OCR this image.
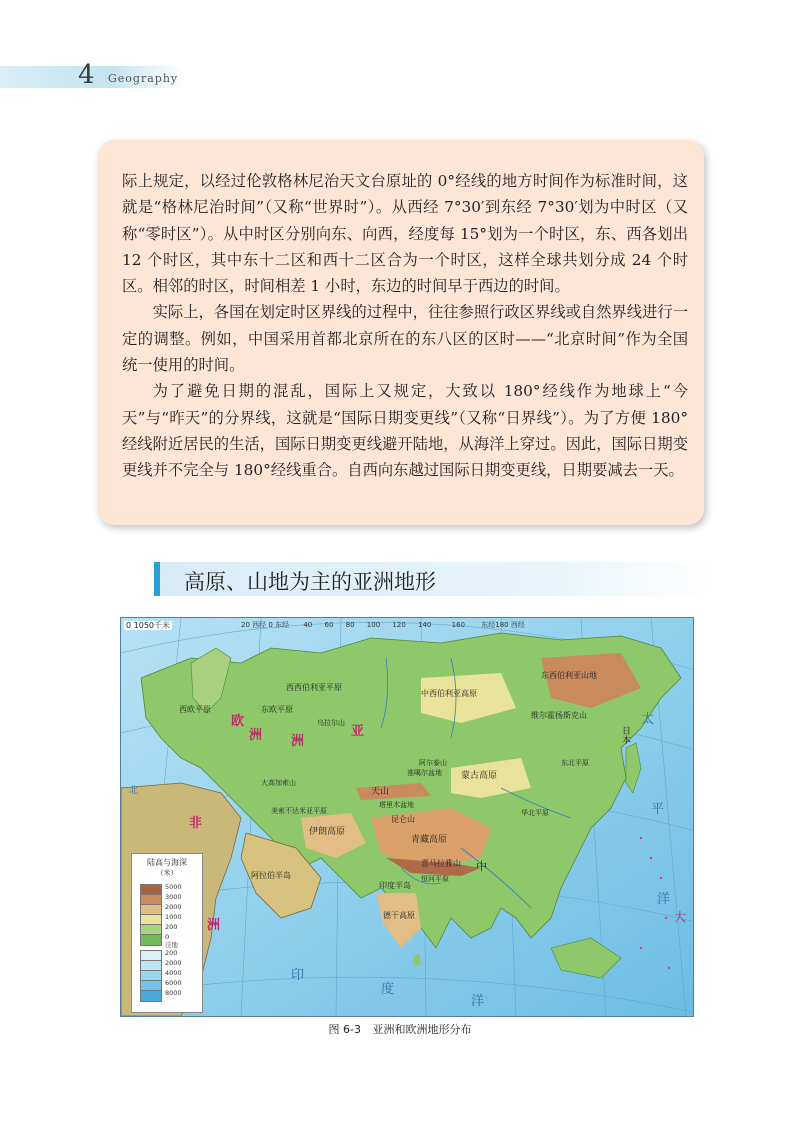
4 Geography

际上规定，以经过伦敦格林尼治天文台原址的 0°经线的地方时间作为标准时间，这就是“格林尼治时间”（又称“世界时”）。从西经 7°30′到东经 7°30′划为中时区（又称“零时区”）。从中时区分别向东、向西，经度每 15°划为一个时区，东、西各划出 12 个时区，其中东十二区和西十二区合为一个时区，这样全球共划分成 24 个时区。相邻的时区，时间相差 1 小时，东边的时间早于西边的时间。

实际上，各国在划定时区界线的过程中，往往参照行政区界线或自然界线进行一定的调整。例如，中国采用首都北京所在的东八区的区时——“北京时间”作为全国统一使用的时间。

为了避免日期的混乱，国际上又规定，大致以 180°经线作为地球上“今天”与“昨天”的分界线，这就是“国际日期变更线”（又称“日界线”）。为了方便 180°经线附近居民的生活，国际日期变更线避开陆地，从海洋上穿过。因此，国际日期变更线并不完全与 180°经线重合。自西向东越过国际日期变更线，日期要减去一天。

高原、山地为主的亚洲地形
亚
洲
欧
洲
非
洲
太
平
洋
印
度
洋
大
日本
北
中
西西伯利亚平原
中西伯利亚高原
东西伯利亚山地
维尔霍扬斯克山
东欧平原
西欧平原
蒙古高原
天山
昆仑山
青藏高原
喜马拉雅山
伊朗高原
阿拉伯半岛
印度半岛
德干高原
美索不达米亚平原
乌拉尔山
大高加索山
阿尔泰山
塔里木盆地
准噶尔盆地
华北平原
东北平原
恒河平原
20 西经 0 东经 40 60 80 100 120 140	160 东经180 西经
0 1050千米
陆高与海深
（米）
5000
3000
2000
1000
200
0
洼地
200
2000
4000
6000
8000
图 6-3 亚洲和欧洲地形分布
